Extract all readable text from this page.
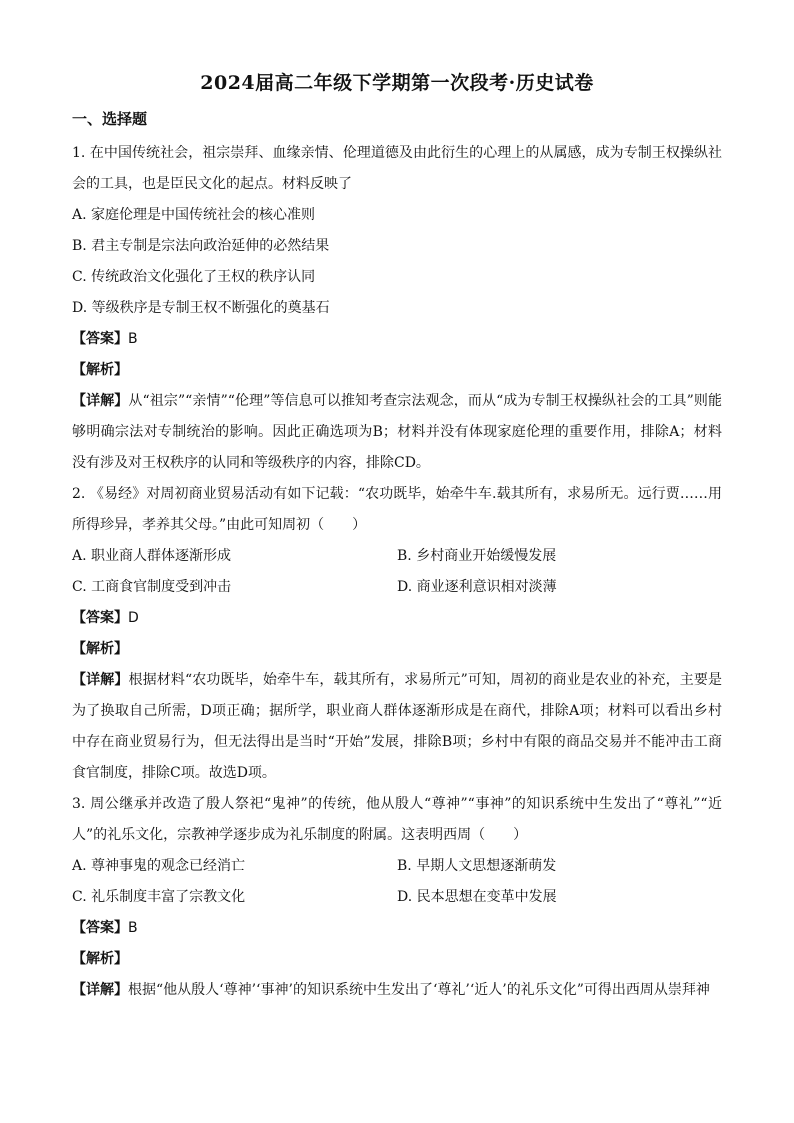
2024届高二年级下学期第一次段考·历史试卷
一、选择题

1. 在中国传统社会，祖宗崇拜、血缘亲情、伦理道德及由此衍生的心理上的从属感，成为专制王权操纵社会的工具，也是臣民文化的起点。材料反映了

A. 家庭伦理是中国传统社会的核心准则

B. 君主专制是宗法向政治延伸的必然结果

C. 传统政治文化强化了王权的秩序认同

D. 等级秩序是专制王权不断强化的奠基石

【答案】B

【解析】

【详解】从“祖宗”“亲情”“伦理”等信息可以推知考查宗法观念，而从“成为专制王权操纵社会的工具”则能够明确宗法对专制统治的影响。因此正确选项为B；材料并没有体现家庭伦理的重要作用，排除A；材料没有涉及对王权秩序的认同和等级秩序的内容，排除CD。

2. 《易经》对周初商业贸易活动有如下记载：“农功既毕，始牵牛车.载其所有，求易所无。远行贾……用所得珍异，孝养其父母。”由此可知周初（　　）

A. 职业商人群体逐渐形成	B. 乡村商业开始缓慢发展

C. 工商食官制度受到冲击	D. 商业逐利意识相对淡薄

【答案】D

【解析】

【详解】根据材料“农功既毕，始牵牛车，载其所有，求易所元”可知，周初的商业是农业的补充，主要是为了换取自己所需，D项正确；据所学，职业商人群体逐渐形成是在商代，排除A项；材料可以看出乡村中存在商业贸易行为，但无法得出是当时“开始”发展，排除B项；乡村中有限的商品交易并不能冲击工商食官制度，排除C项。故选D项。

3. 周公继承并改造了殷人祭祀“鬼神”的传统，他从殷人“尊神”“事神”的知识系统中生发出了“尊礼”“近人”的礼乐文化，宗教神学逐步成为礼乐制度的附属。这表明西周（　　）

A. 尊神事鬼的观念已经消亡	B. 早期人文思想逐渐萌发

C. 礼乐制度丰富了宗教文化	D. 民本思想在变革中发展

【答案】B

【解析】

【详解】根据“他从殷人‘尊神’‘事神’的知识系统中生发出了‘尊礼’‘近人’的礼乐文化”可得出西周从崇拜神
